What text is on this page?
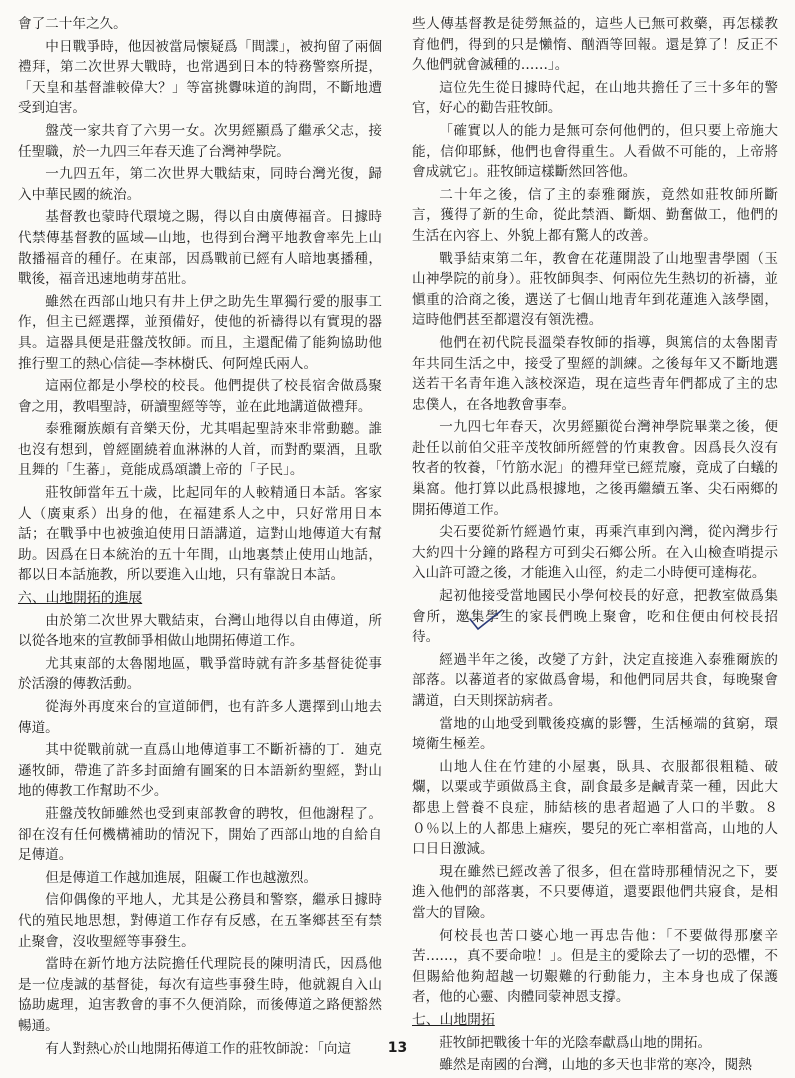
會了二十年之久。

中日戰爭時，他因被當局懷疑爲「間諜」，被拘留了兩個禮拜，第二次世界大戰時，也常遇到日本的特務警察所提，「天皇和基督誰較偉大？」等富挑釁味道的詢問，不斷地遭受到迫害。

盤茂一家共育了六男一女。次男經顯爲了繼承父志，接任聖職，於一九四三年春天進了台灣神學院。

一九四五年，第二次世界大戰結束，同時台灣光復，歸入中華民國的統治。

基督教也蒙時代環境之賜，得以自由廣傳福音。日據時代禁傳基督教的區域—山地，也得到台灣平地教會率先上山散播福音的種仔。在東部，因爲戰前已經有人暗地裏播種，戰後，福音迅速地萌芽茁壯。

雖然在西部山地只有井上伊之助先生單獨行愛的服事工作，但主已經選擇，並預備好，使他的祈禱得以有實現的器具。這器具便是莊盤茂牧師。而且，主還配備了能夠協助他推行聖工的熱心信徒—李林樹氏、何阿煌氏兩人。

這兩位都是小學校的校長。他們提供了校長宿舍做爲聚會之用，教唱聖詩，研讀聖經等等，並在此地講道做禮拜。

泰雅爾族頗有音樂天份，尤其唱起聖詩來非常動聽。誰也沒有想到，曾經圍繞着血淋淋的人首，而對酌粟酒，且歌且舞的「生蕃」，竟能成爲頌讚上帝的「子民」。

莊牧師當年五十歲，比起同年的人較精通日本話。客家人（廣東系）出身的他，在福建系人之中，只好常用日本話；在戰爭中也被強迫使用日語講道，這對山地傳道大有幫助。因爲在日本統治的五十年間，山地裏禁止使用山地話，都以日本話施教，所以要進入山地，只有靠說日本話。

六、山地開拓的進展

由於第二次世界大戰結束，台灣山地得以自由傳道，所以從各地來的宣教師爭相做山地開拓傳道工作。

尤其東部的太魯閣地區，戰爭當時就有許多基督徒從事於活潑的傳教活動。

從海外再度來台的宣道師們，也有許多人選擇到山地去傳道。

其中從戰前就一直爲山地傳道事工不斷祈禱的丁．廸克遜牧師，帶進了許多封面繪有圖案的日本語新約聖經，對山地的傳教工作幫助不少。

莊盤茂牧師雖然也受到東部教會的聘牧，但他謝程了。卻在沒有任何機構補助的情況下，開始了西部山地的自給自足傳道。

但是傳道工作越加進展，阻礙工作也越激烈。

信仰偶像的平地人，尤其是公務員和警察，繼承日據時代的殖民地思想，對傳道工作存有反感，在五峯鄉甚至有禁止聚會，沒收聖經等事發生。

當時在新竹地方法院擔任代理院長的陳明清氏，因爲他是一位虔誠的基督徒，每次有這些事發生時，他就親自入山協助處理，迫害教會的事不久便消除，而後傳道之路便豁然暢通。

有人對熱心於山地開拓傳道工作的莊牧師說：「向這

些人傳基督教是徒勞無益的，這些人已無可救藥，再怎樣教育他們，得到的只是懶惰、酗酒等回報。還是算了！反正不久他們就會滅種的……」。

這位先生從日據時代起，在山地共擔任了三十多年的警官，好心的勸告莊牧師。

「確實以人的能力是無可奈何他們的，但只要上帝施大能，信仰耶穌，他們也會得重生。人看做不可能的，上帝將會成就它」。莊牧師這樣斷然回答他。

二十年之後，信了主的泰雅爾族，竟然如莊牧師所斷言，獲得了新的生命，從此禁酒、斷烟、勤奮做工，他們的生活在內容上、外貌上都有驚人的改善。

戰爭結束第二年，教會在花蓮開設了山地聖書學園（玉山神學院的前身）。莊牧師與李、何兩位先生熱切的祈禱，並愼重的洽商之後，選送了七個山地青年到花蓮進入該學園，這時他們甚至都還沒有領洗禮。

他們在初代院長溫榮春牧師的指導，與篤信的太魯閣青年共同生活之中，接受了聖經的訓練。之後每年又不斷地選送若干名青年進入該校深造，現在這些青年們都成了主的忠忠僕人，在各地教會事奉。

一九四七年春天，次男經顯從台灣神學院畢業之後，便赴任以前伯父莊辛茂牧師所經營的竹東教會。因爲長久沒有牧者的牧養，「竹筋水泥」的禮拜堂已經荒廢，竟成了白蟻的巢窩。他打算以此爲根據地，之後再繼續五峯、尖石兩鄉的開拓傳道工作。

尖石要從新竹經過竹東，再乘汽車到內灣，從內灣步行大約四十分鐘的路程方可到尖石鄉公所。在入山檢查哨提示入山許可證之後，才能進入山徑，約走二小時便可達梅花。

起初他接受當地國民小學何校長的好意，把教室做爲集會所，邀集學生的家長們晚上聚會，吃和住便由何校長招待。

經過半年之後，改變了方針，決定直接進入泰雅爾族的部落。以蕃道者的家做爲會場，和他們同居共食，每晚聚會講道，白天則探訪病者。

當地的山地受到戰後疫癘的影響，生活極端的貧窮，環境衛生極差。

山地人住在竹建的小屋裏，臥具、衣服都很粗糙、破爛，以粟或芋頭做爲主食，副食最多是鹹青菜一種，因此大都患上營養不良症，肺結核的患者超過了人口的半數。８０％以上的人都患上瘧疾，嬰兒的死亡率相當高，山地的人口日日激減。

現在雖然已經改善了很多，但在當時那種情況之下，要進入他們的部落裏，不只要傳道，還要跟他們共寢食，是相當大的冒險。

何校長也苦口婆心地一再忠告他：「不要做得那麼辛苦……，真不要命啦！」。但是主的愛除去了一切的恐懼，不但賜給他夠超越一切艱難的行動能力，主本身也成了保護者，他的心靈、肉體同蒙神恩支撐。

七、山地開拓

莊牧師把戰後十年的光陰奉獻爲山地的開拓。

雖然是南國的台灣，山地的多天也非常的寒冷，閱熱

13
